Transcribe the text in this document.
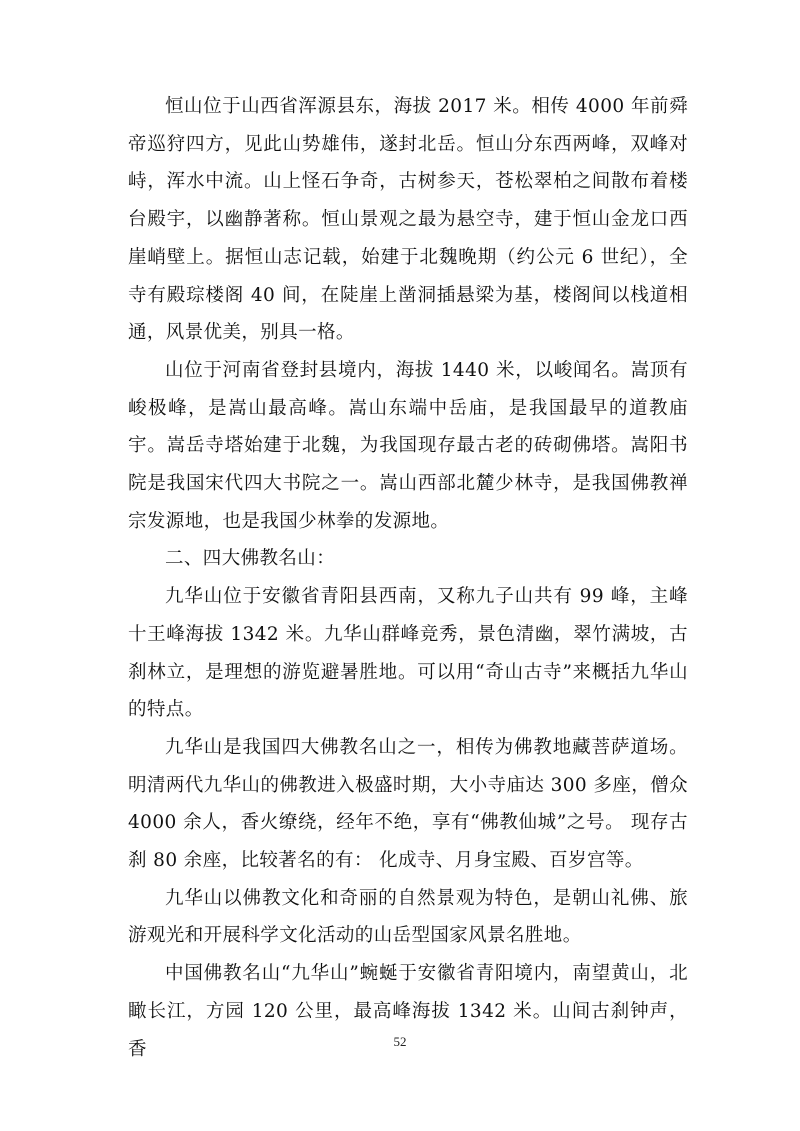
恒山位于山西省浑源县东，海拔 2017 米。相传 4000 年前舜帝巡狩四方，见此山势雄伟，遂封北岳。恒山分东西两峰，双峰对峙，浑水中流。山上怪石争奇，古树参天，苍松翠柏之间散布着楼台殿宇，以幽静著称。恒山景观之最为悬空寺，建于恒山金龙口西崖峭壁上。据恒山志记载，始建于北魏晚期（约公元 6 世纪），全寺有殿琮楼阁 40 间，在陡崖上凿洞插悬梁为基，楼阁间以栈道相通，风景优美，别具一格。

山位于河南省登封县境内，海拔 1440 米，以峻闻名。嵩顶有峻极峰，是嵩山最高峰。嵩山东端中岳庙，是我国最早的道教庙宇。嵩岳寺塔始建于北魏，为我国现存最古老的砖砌佛塔。嵩阳书院是我国宋代四大书院之一。嵩山西部北麓少林寺，是我国佛教禅宗发源地，也是我国少林拳的发源地。

二、四大佛教名山：

九华山位于安徽省青阳县西南，又称九子山共有 99 峰，主峰十王峰海拔 1342 米。九华山群峰竞秀，景色清幽，翠竹满坡，古刹林立，是理想的游览避暑胜地。可以用“奇山古寺”来概括九华山的特点。

九华山是我国四大佛教名山之一，相传为佛教地藏菩萨道场。明清两代九华山的佛教进入极盛时期，大小寺庙达 300 多座，僧众 4000 余人，香火缭绕，经年不绝，享有“佛教仙城”之号。 现存古刹 80 余座，比较著名的有： 化成寺、月身宝殿、百岁宫等。

九华山以佛教文化和奇丽的自然景观为特色，是朝山礼佛、旅游观光和开展科学文化活动的山岳型国家风景名胜地。

中国佛教名山“九华山”蜿蜒于安徽省青阳境内，南望黄山，北瞰长江，方园 120 公里，最高峰海拔 1342 米。山间古刹钟声，香	52
